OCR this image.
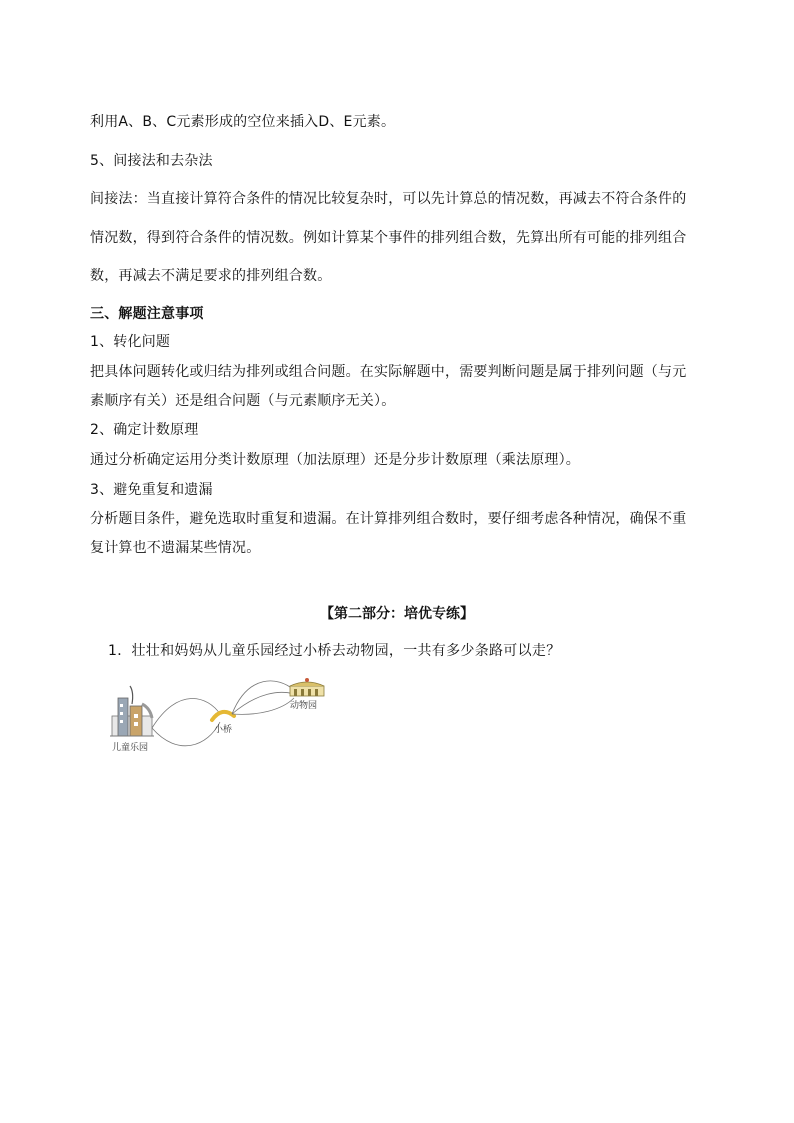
利用A、B、C元素形成的空位来插入D、E元素。
5、间接法和去杂法
间接法：当直接计算符合条件的情况比较复杂时，可以先计算总的情况数，再减去不符合条件的
情况数，得到符合条件的情况数。例如计算某个事件的排列组合数，先算出所有可能的排列组合
数，再减去不满足要求的排列组合数。
三、解题注意事项
1、转化问题
把具体问题转化或归结为排列或组合问题。在实际解题中，需要判断问题是属于排列问题（与元
素顺序有关）还是组合问题（与元素顺序无关）。
2、确定计数原理
通过分析确定运用分类计数原理（加法原理）还是分步计数原理（乘法原理）。
3、避免重复和遗漏
分析题目条件，避免选取时重复和遗漏。在计算排列组合数时，要仔细考虑各种情况，确保不重
复计算也不遗漏某些情况。
【第二部分：培优专练】
1．壮壮和妈妈从儿童乐园经过小桥去动物园，一共有多少条路可以走？
儿童乐园
小桥
动物园
